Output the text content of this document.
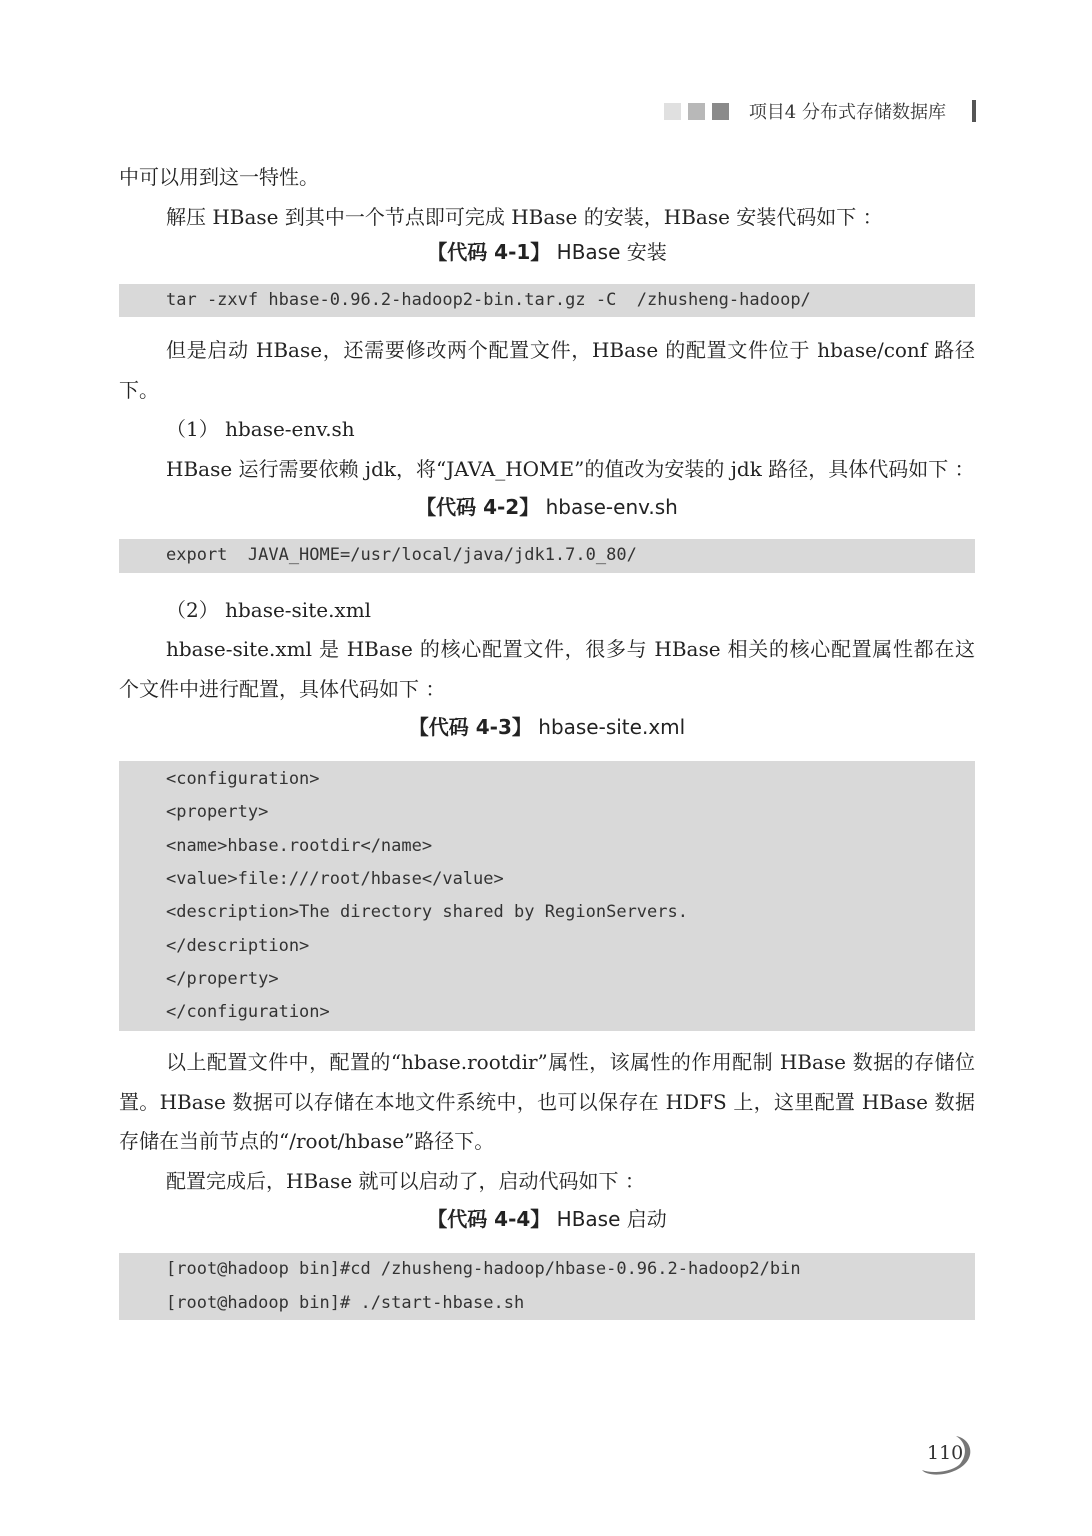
项目4 分布式存储数据库

中可以用到这一特性。

解压 HBase 到其中一个节点即可完成 HBase 的安装，HBase 安装代码如下 ：

【代码 4-1】 HBase 安装
tar -zxvf hbase-0.96.2-hadoop2-bin.tar.gz -C  /zhusheng-hadoop/

但是启动 HBase，还需要修改两个配置文件，HBase 的配置文件位于 hbase/conf 路径下。

（1） hbase-env.sh

HBase 运行需要依赖 jdk，将“JAVA_HOME”的值改为安装的 jdk 路径，具体代码如下 ：

【代码 4-2】 hbase-env.sh
export  JAVA_HOME=/usr/local/java/jdk1.7.0_80/

（2） hbase-site.xml

hbase-site.xml 是 HBase 的核心配置文件，很多与 HBase 相关的核心配置属性都在这个文件中进行配置，具体代码如下 ：

【代码 4-3】 hbase-site.xml
<configuration>
<property>
<name>hbase.rootdir</name>
<value>file:///root/hbase</value>
<description>The directory shared by RegionServers.
</description>
</property>
</configuration>

以上配置文件中，配置的“hbase.rootdir”属性，该属性的作用配制 HBase 数据的存储位置。HBase 数据可以存储在本地文件系统中，也可以保存在 HDFS 上，这里配置 HBase 数据存储在当前节点的“/root/hbase”路径下。

配置完成后，HBase 就可以启动了，启动代码如下 ：

【代码 4-4】 HBase 启动
[root@hadoop bin]#cd /zhusheng-hadoop/hbase-0.96.2-hadoop2/bin
[root@hadoop bin]# ./start-hbase.sh
110
